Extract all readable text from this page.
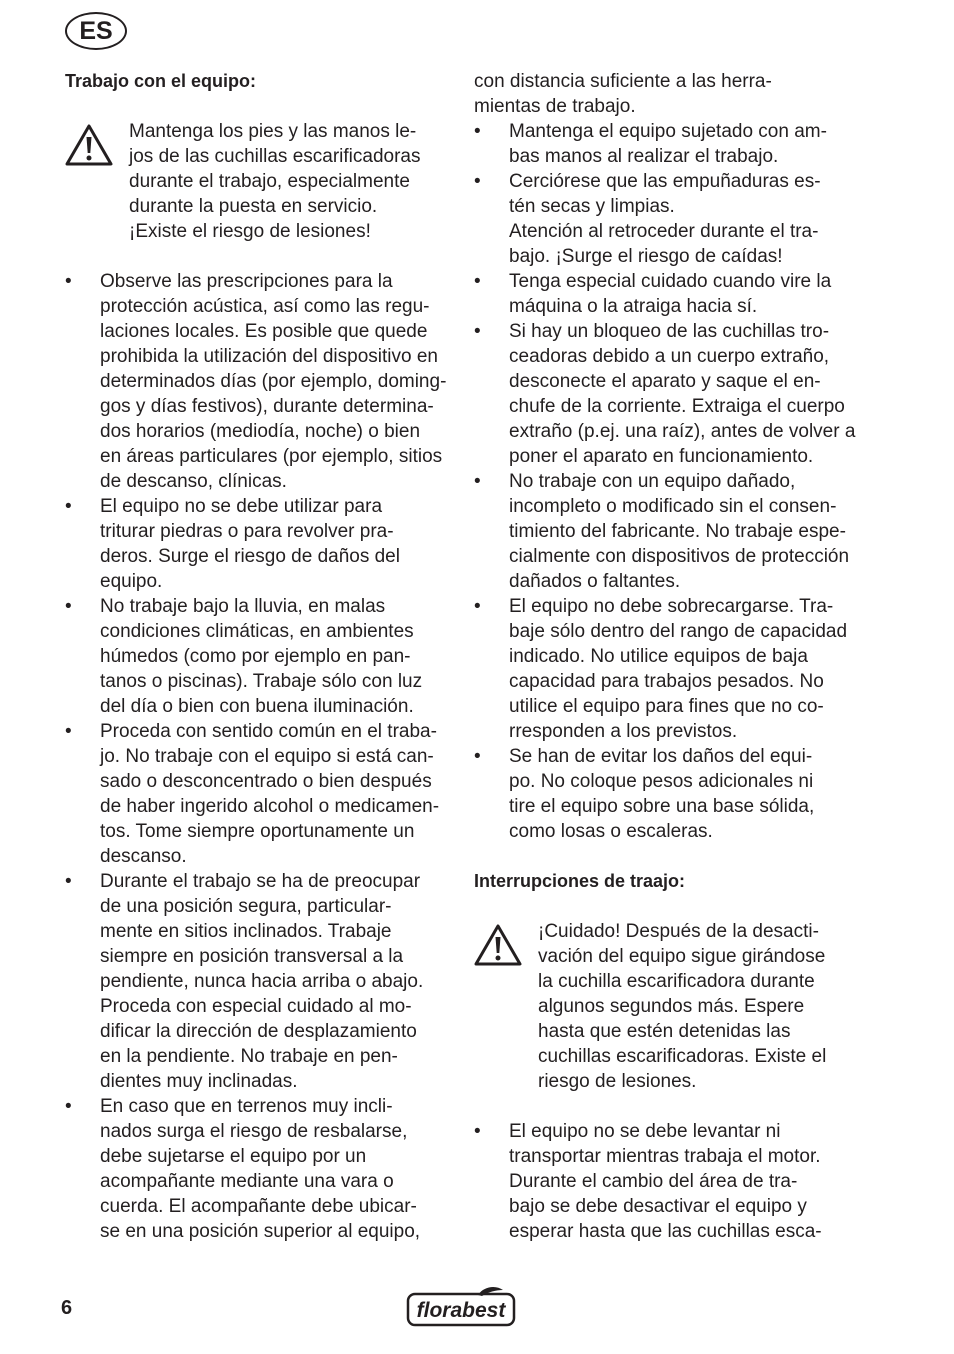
ES
Trabajo con el equipo:
Mantenga los pies y las manos le-
jos de las cuchillas escarificadoras
durante el trabajo, especialmente
durante la puesta en servicio.
¡Existe el riesgo de lesiones!
•	Observe las prescripciones para la
protección acústica, así como las regu-
laciones locales. Es posible que quede
prohibida la utilización del dispositivo en
determinados días (por ejemplo, doming-
gos y días festivos), durante determina-
dos horarios (mediodía, noche) o bien
en áreas particulares (por ejemplo, sitios
de descanso, clínicas.
•	El equipo no se debe utilizar para
triturar piedras o para revolver pra-
deros. Surge el riesgo de daños del
equipo.
•	No trabaje bajo la lluvia, en malas
condiciones climáticas, en ambientes
húmedos (como por ejemplo en pan-
tanos o piscinas). Trabaje sólo con luz
del día o bien con buena iluminación.
•	Proceda con sentido común en el traba-
jo. No trabaje con el equipo si está can-
sado o desconcentrado o bien después
de haber ingerido alcohol o medicamen-
tos. Tome siempre oportunamente un
descanso.
•	Durante el trabajo se ha de preocupar
de una posición segura, particular-
mente en sitios inclinados. Trabaje
siempre en posición transversal a la
pendiente, nunca hacia arriba o abajo.
Proceda con especial cuidado al mo-
dificar la dirección de desplazamiento
en la pendiente. No trabaje en pen-
dientes muy inclinadas.
•	En caso que en terrenos muy incli-
nados surga el riesgo de resbalarse,
debe sujetarse el equipo por un
acompañante mediante una vara o
cuerda. El acompañante debe ubicar-
se en una posición superior al equipo,
con distancia suficiente a las herra-
mientas de trabajo.
•	Mantenga el equipo sujetado con am-
bas manos al realizar el trabajo.
•	Cerciórese que las empuñaduras es-
tén secas y limpias.
Atención al retroceder durante el tra-
bajo. ¡Surge el riesgo de caídas!
•	Tenga especial cuidado cuando vire la
máquina o la atraiga hacia sí.
•	Si hay un bloqueo de las cuchillas tro-
ceadoras debido a un cuerpo extraño,
desconecte el aparato y saque el en-
chufe de la corriente. Extraiga el cuerpo
extraño (p.ej. una raíz), antes de volver a
poner el aparato en funcionamiento.
•	No trabaje con un equipo dañado,
incompleto o modificado sin el consen-
timiento del fabricante. No trabaje espe-
cialmente con dispositivos de protección
dañados o faltantes.
•	El equipo no debe sobrecargarse. Tra-
baje sólo dentro del rango de capacidad
indicado. No utilice equipos de baja
capacidad para trabajos pesados. No
utilice el equipo para fines que no co-
rresponden a los previstos.
•	Se han de evitar los daños del equi-
po. No coloque pesos adicionales ni
tire el equipo sobre una base sólida,
como losas o escaleras.
Interrupciones de traajo:
¡Cuidado! Después de la desacti-
vación del equipo sigue girándose
la cuchilla escarificadora durante
algunos segundos más. Espere
hasta que estén detenidas las
cuchillas escarificadoras. Existe el
riesgo de lesiones.
•	El equipo no se debe levantar ni
transportar mientras trabaja el motor.
Durante el cambio del área de tra-
bajo se debe desactivar el equipo y
esperar hasta que las cuchillas esca-
6	florabest
